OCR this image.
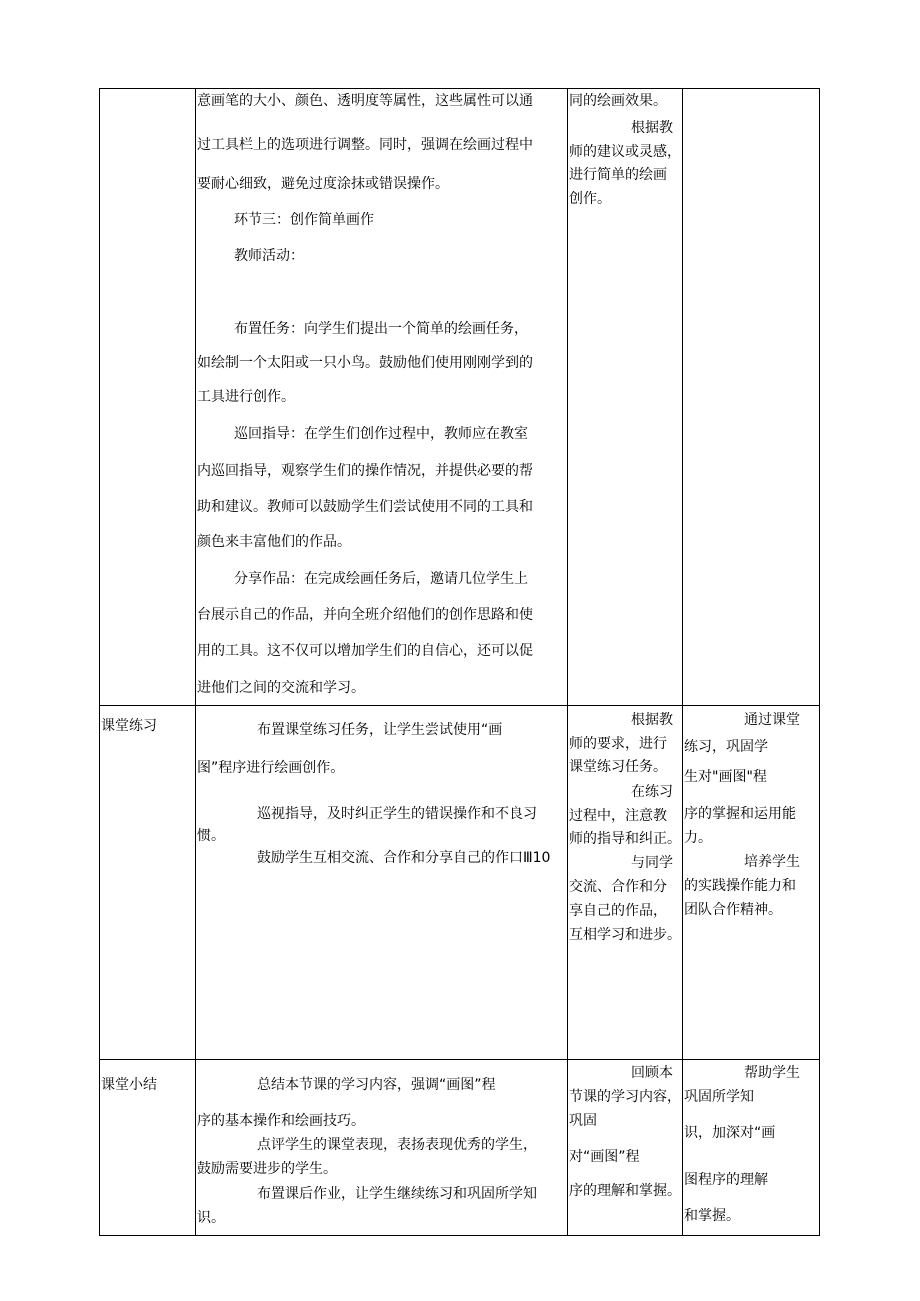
意画笔的大小、颜色、透明度等属性，这些属性可以通
过工具栏上的选项进行调整。同时，强调在绘画过程中
要耐心细致，避免过度涂抹或错误操作。
环节三：创作简单画作
教师活动：
布置任务：向学生们提出一个简单的绘画任务，
如绘制一个太阳或一只小鸟。鼓励他们使用刚刚学到的
工具进行创作。
巡回指导：在学生们创作过程中，教师应在教室
内巡回指导，观察学生们的操作情况，并提供必要的帮
助和建议。教师可以鼓励学生们尝试使用不同的工具和
颜色来丰富他们的作品。
分享作品：在完成绘画任务后，邀请几位学生上
台展示自己的作品，并向全班介绍他们的创作思路和使
用的工具。这不仅可以增加学生们的自信心，还可以促
进他们之间的交流和学习。
同的绘画效果。
根据教
师的建议或灵感，
进行简单的绘画
创作。
课堂练习	布置课堂练习任务，让学生尝试使用“画
图”程序进行绘画创作。
巡视指导，及时纠正学生的错误操作和不良习
惯。
鼓励学生互相交流、合作和分享自己的作口Ⅲ10
根据教
师的要求，进行
课堂练习任务。
在练习
过程中，注意教
师的指导和纠正。
与同学
交流、合作和分
享自己的作品，
互相学习和进步。
通过课堂
练习，巩固学
生对"画图"程
序的掌握和运用能
力。
培养学生
的实践操作能力和
团队合作精神。
课堂小结	总结本节课的学习内容，强调“画图”程
序的基本操作和绘画技巧。
点评学生的课堂表现，表扬表现优秀的学生，
鼓励需要进步的学生。
布置课后作业，让学生继续练习和巩固所学知
识。
回顾本
节课的学习内容，
巩固
对“画图”程
序的理解和掌握。
帮助学生
巩固所学知
识，加深对“画
图程序的理解
和掌握。
